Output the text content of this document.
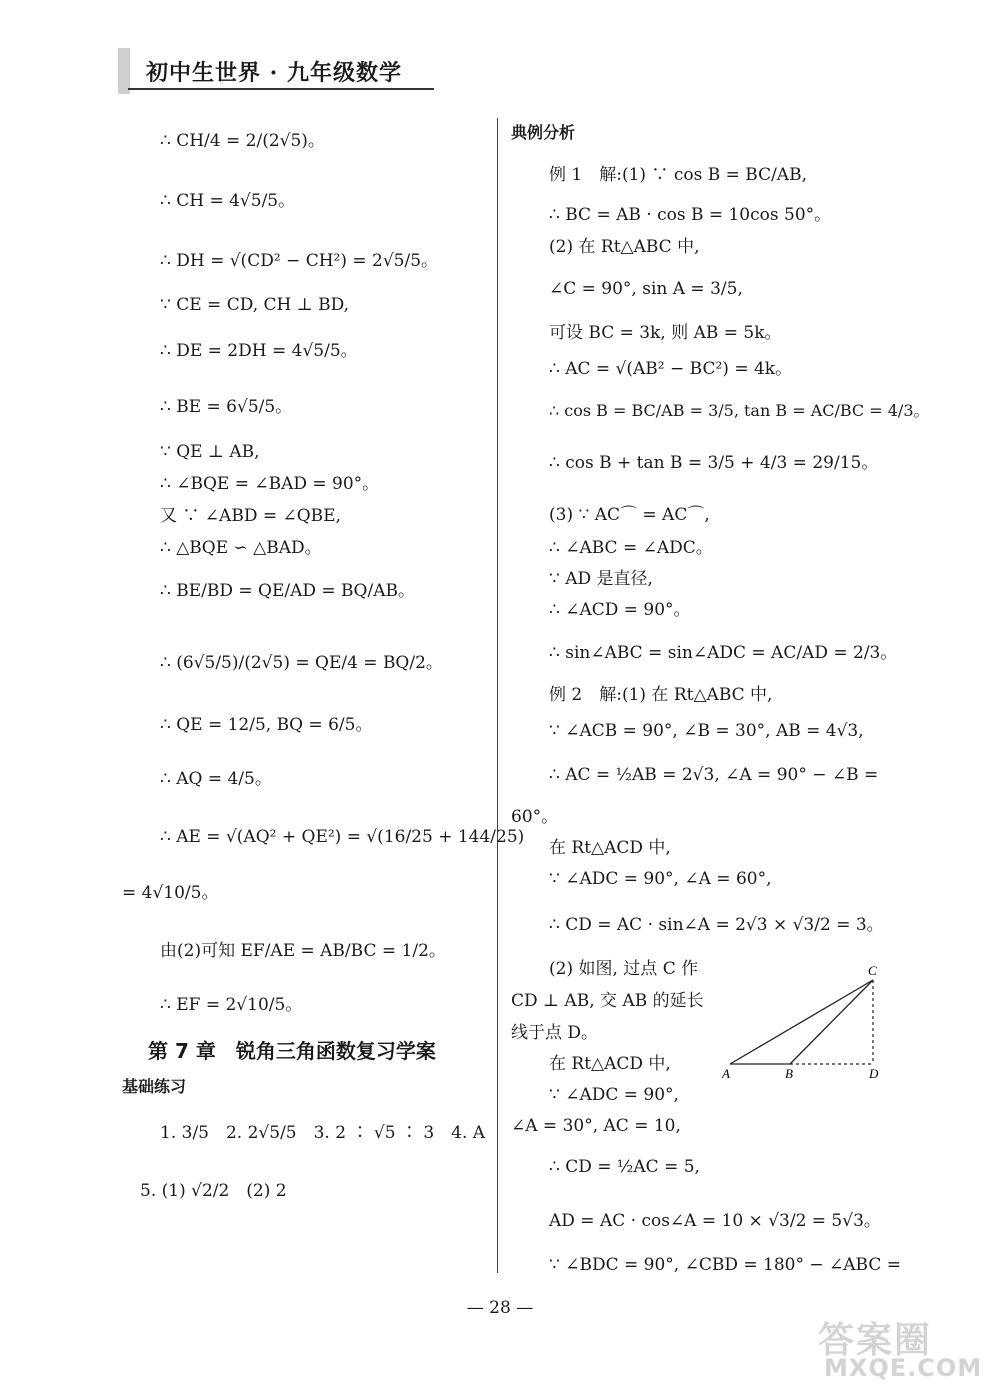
初中生世界 · 九年级数学
∴ CH/4 = 2/(2√5)。
∴ CH = 4√5/5。
∴ DH = √(CD² − CH²) = 2√5/5。
∵ CE = CD, CH ⊥ BD,
∴ DE = 2DH = 4√5/5。
∴ BE = 6√5/5。
∵ QE ⊥ AB,
∴ ∠BQE = ∠BAD = 90°。
又 ∵ ∠ABD = ∠QBE,
∴ △BQE ∽ △BAD。
∴ BE/BD = QE/AD = BQ/AB。
∴ (6√5/5)/(2√5) = QE/4 = BQ/2。
∴ QE = 12/5, BQ = 6/5。
∴ AQ = 4/5。
∴ AE = √(AQ² + QE²) = √(16/25 + 144/25)
= 4√10/5。
由(2)可知 EF/AE = AB/BC = 1/2。
∴ EF = 2√10/5。
第 7 章　锐角三角函数复习学案
基础练习
1. 3/5　2. 2√5/5　3. 2 ∶ √5 ∶ 3　4. A
5. (1) √2/2　(2) 2
典例分析
例 1　解:(1) ∵ cos B = BC/AB,
∴ BC = AB · cos B = 10cos 50°。
(2) 在 Rt△ABC 中,
∠C = 90°, sin A = 3/5,
可设 BC = 3k, 则 AB = 5k。
∴ AC = √(AB² − BC²) = 4k。
∴ cos B = BC/AB = 3/5, tan B = AC/BC = 4/3。
∴ cos B + tan B = 3/5 + 4/3 = 29/15。
(3) ∵ AC⌒ = AC⌒,
∴ ∠ABC = ∠ADC。
∵ AD 是直径,
∴ ∠ACD = 90°。
∴ sin∠ABC = sin∠ADC = AC/AD = 2/3。
例 2　解:(1) 在 Rt△ABC 中,
∵ ∠ACB = 90°, ∠B = 30°, AB = 4√3,
∴ AC = ½AB = 2√3, ∠A = 90° − ∠B =
60°。
在 Rt△ACD 中,
∵ ∠ADC = 90°, ∠A = 60°,
∴ CD = AC · sin∠A = 2√3 × √3/2 = 3。
(2) 如图, 过点 C 作
CD ⊥ AB, 交 AB 的延长
线于点 D。
在 Rt△ACD 中,
∵ ∠ADC = 90°,
∠A = 30°, AC = 10,
∴ CD = ½AC = 5,
AD = AC · cos∠A = 10 × √3/2 = 5√3。
∵ ∠BDC = 90°, ∠CBD = 180° − ∠ABC =
A	B
C
D
— 28 —
答案圈
MXQE.COM
